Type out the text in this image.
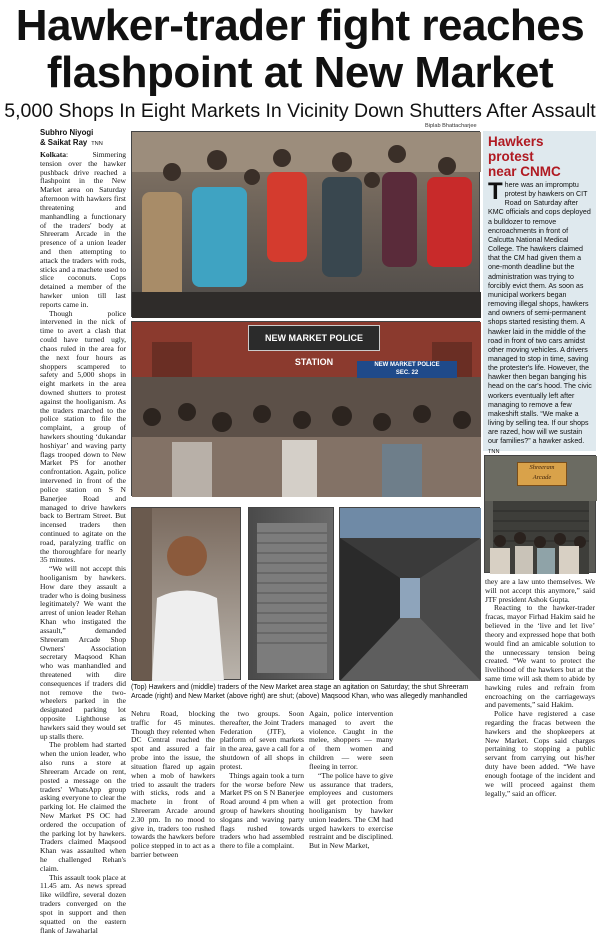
Hawker-trader fight reaches
flashpoint at New Market
5,000 Shops In Eight Markets In Vicinity Down Shutters After Assault
Subhro Niyogi
& Saikat Ray TNN
Biplab Bhattacharjee

Kolkata: Simmering tension over the hawker pushback drive reached a flashpoint in the New Market area on Saturday afternoon with hawkers first threatening and manhandling a functionary of the traders' body at Shreeram Arcade in the presence of a union leader and then attempting to attack the traders with rods, sticks and a machete used to slice coconuts. Cops detained a member of the hawker union till last reports came in.

Though police intervened in the nick of time to avert a clash that could have turned ugly, chaos ruled in the area for the next four hours as shoppers scampered to safety and 5,000 shops in eight markets in the area downed shutters to protest against the hooliganism. As the traders marched to the police station to file the complaint, a group of hawkers shouting ‘dukandar hoshiyar’ and waving party flags trooped down to New Market PS for another confrontation. Again, police intervened in front of the police station on S N Banerjee Road and managed to drive hawkers back to Bertram Street. But incensed traders then continued to agitate on the road, paralyzing traffic on the thoroughfare for nearly 35 minutes.

“We will not accept this hooliganism by hawkers. How dare they assault a trader who is doing business legitimately? We want the arrest of union leader Rehan Khan who instigated the assault,” demanded Shreeram Arcade Shop Owners' Association secretary Maqsood Khan who was manhandled and threatened with dire consequences if traders did not remove the two-wheelers parked in the designated parking lot opposite Lighthouse as hawkers said they would set up stalls there.

The problem had started when the union leader, who also runs a store at Shreeram Arcade on rent, posted a message on the traders' WhatsApp group asking everyone to clear the parking lot. He claimed the New Market PS OC had ordered the occupation of the parking lot by hawkers. Traders claimed Maqsood Khan was assaulted when he challenged Rehan's claim.

This assault took place at 11.45 am. As news spread like wildfire, several dozen traders converged on the spot in support and then squatted on the eastern flank of Jawaharlal

NEW MARKET POLICE STATION	NEW MARKET POLICE
SEC. 22
(Top) Hawkers and (middle) traders of the New Market area stage an agitation on Saturday; the shut Shreeram Arcade (right) and New Market (above right) are shut; (above) Maqsood Khan, who was allegedly manhandled

Nehru Road, blocking traffic for 45 minutes. Though they relented when DC Central reached the spot and assured a fair probe into the issue, the situation flared up again when a mob of hawkers tried to assault the traders with sticks, rods and a machete in front of Shreeram Arcade around 2.30 pm. In no mood to give in, traders too rushed towards the hawkers before police stepped in to act as a barrier between

the two groups. Soon thereafter, the Joint Traders Federation (JTF), a platform of seven markets in the area, gave a call for a shutdown of all shops in protest.

Things again took a turn for the worse before New Market PS on S N Banerjee Road around 4 pm when a group of hawkers shouting slogans and waving party flags rushed towards traders who had assembled there to file a complaint.

Again, police intervention managed to avert the violence. Caught in the melee, shoppers — many of them women and children — were seen fleeing in terror.

“The police have to give us assurance that traders, employees and customers will get protection from hooliganism by hawker union leaders. The CM had urged hawkers to exercise restraint and be disciplined. But in New Market,

they are a law unto themselves. We will not accept this anymore,” said JTF president Ashok Gupta.

Reacting to the hawker-trader fracas, mayor Firhad Hakim said he believed in the ‘live and let live’ theory and expressed hope that both would find an amicable solution to the unnecessary tension being created. “We want to protect the livelihood of the hawkers but at the same time will ask them to abide by hawking rules and refrain from encroaching on the carriageways and pavements,” said Hakim.

Police have registered a case regarding the fracas between the hawkers and the shopkeepers at New Market. Cops said charges pertaining to stopping a public servant from carrying out his/her duty have been added. “We have enough footage of the incident and we will proceed against them legally,” said an officer.

Hawkers protest
near CNMC
There was an impromptu protest by hawkers on CIT Road on Saturday after KMC officials and cops deployed a bulldozer to remove encroachments in front of Calcutta National Medical College. The hawkers claimed that the CM had given them a one-month deadline but the administration was trying to forcibly evict them. As soon as municipal workers began removing illegal shops, hawkers and owners of semi-permanent shops started resisting them. A hawker laid in the middle of the road in front of two cars amidst other moving vehicles. A drivers managed to stop in time, saving the protester's life. However, the hawker then began banging his head on the car's hood. The civic workers eventually left after managing to remove a few makeshift stalls. “We make a living by selling tea. If our shops are razed, how will we sustain our families?” a hawker asked. TNN
Shreeram
Arcade
